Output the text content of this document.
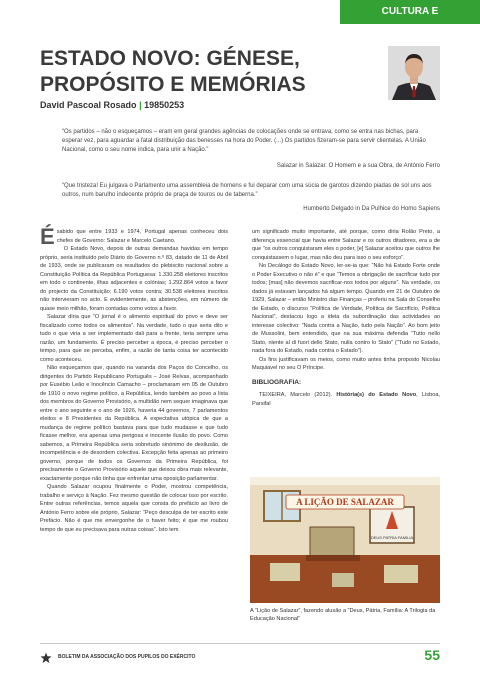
CULTURA E CONHECIMENTO
ESTADO NOVO: GÉNESE, PROPÓSITO E MEMÓRIAS
David Pascoal Rosado | 19850253
“Os partidos – não o esqueçamos – eram em geral grandes agências de colocações onde se entrava, como se entra nas bichas, para esperar vez, para aguardar a fatal distribuição das benesses na hora do Poder. (...) Os partidos fizeram-se para servir clientelas. A União Nacional, como o seu nome indica, para unir a Nação.”
Salazar in Salazar. O Homem e a sua Obra, de António Ferro
“Que tristeza! Eu julgava o Parlamento uma assembleia de homens e fui deparar com uma súcia de garotos dizendo piadas de sol uns aos outros, num barulho indecente próprio de praça de touros ou de taberna.”

Ésabido que entre 1933 e 1974, Portugal apenas conheceu dois chefes de Governo: Salazar e Marcelo Caetano.

O Estado Novo, depois de outras demandas havidas em tempo próprio, seria instituído pelo Diário do Governo n.º 83, datado de 11 de Abril de 1933, onde se publicaram os resultados do plebiscito nacional sobre a Constituição Política da República Portuguesa: 1.330.258 eleitores inscritos em todo o continente, ilhas adjacentes e colónias; 1.292.864 votos a favor do projecto da Constituição; 6.190 votos contra; 30.538 eleitores inscritos não intervieram no acto. E evidentemente, as abstenções, em número de quase meio milhão, foram contadas como votos a favor.

Salazar diria que “O jornal é o alimento espiritual do povo e deve ser fiscalizado como todos os alimentos”. Na verdade, tudo o que seria dito e tudo o que viria a ser implementado dali para a frente, teria sempre uma razão, um fundamento. É preciso perceber a época, é preciso perceber o tempo, para que se perceba, enfim, a razão de tanta coisa ter acontecido como aconteceu.

Não esqueçamos que, quando na varanda dos Paços do Concelho, os dirigentes do Partido Republicano Português – José Relvas, acompanhado por Eusébio Leão e Inocêncio Camacho – proclamaram em 05 de Outubro de 1910 o novo regime político, a República, lendo também ao povo a lista dos membros do Governo Provisório, a multidão nem sequer imaginava que entre o ano seguinte e o ano de 1926, haveria 44 governos, 7 parlamentos eleitos e 8 Presidentes da República. A expectativa utópica de que a mudança de regime político bastava para que tudo mudasse e que tudo ficasse melhor, era apenas uma perigosa e inocente ilusão do povo. Como sabemos, a Primeira República seria sobretudo sinónimo de desilusão, de incompetência e de desordem colectiva. Excepção feita apenas ao primeiro governo, porque de todos os Governos da Primeira República, foi precisamente o Governo Provisório aquele que deixou obra mais relevante, exactamente porque não tinha que enfrentar uma oposição parlamentar.

Quando Salazar ocupou finalmente o Poder, mostrou competência, trabalho e serviço à Nação. Fez mesmo questão de colocar isso por escrito. Entre outras referências, temos aquela que consta do prefácio ao livro de António Ferro sobre ele próprio, Salazar: “Peço desculpa de ter escrito este Prefácio. Não é que me envergonhe de o haver feito; é que me roubou tempo de que eu precisava para outras coisas”. Isto tem

um significado muito importante, até porque, como diria Rolão Preto, a diferença essencial que havia entre Salazar e os outros ditadores, era a de que “os outros conquistaram eles o poder, [e] Salazar aceitou que outros lhe conquistassem o lugar, mas não deu para isso o seu esforço”.

No Decálogo do Estado Novo, ler-se-ia que: “Não há Estado Forte onde o Poder Executivo o não é” e que “Temos a obrigação de sacrificar tudo por todos; [mas] não devemos sacrificar-nos todos por alguns”. Na verdade, os dados já estavam lançados há algum tempo. Quando em 21 de Outubro de 1929, Salazar – então Ministro das Finanças – proferiu na Sala do Conselho de Estado, o discurso “Política de Verdade, Política de Sacrifício, Política Nacional”, destacou logo a ideia da subordinação das actividades ao interesse colectivo: “Nada contra a Nação, tudo pela Nação”. Ao bom jeito de Mussolini, bem entendido, que na sua máxima defendia “Tutto nello Stato, niente al di fuori dello Stato, nulla contro lo Stato” (“Tudo no Estado, nada fora do Estado, nada contra o Estado”).

Os fins justificavam os meios, como muito antes tinha proposto Nicolau Maquiavel no seu O Príncipe.

BIBLIOGRAFIA:

TEIXEIRA, Marcelo (2012). História(s) do Estado Novo, Lisboa, Parsifal

DEUS PATRIA FAMILIA
A LIÇÃO DE SALAZAR
A “Lição de Salazar”, fazendo alusão a “Deus, Pátria, Família: A Trilogia da Educação Nacional”
BOLETIM DA ASSOCIAÇÃO DOS PUPILOS DO EXÉRCITO	55
Humberto Delgado in Da Pulhice do Homo Sapiens
